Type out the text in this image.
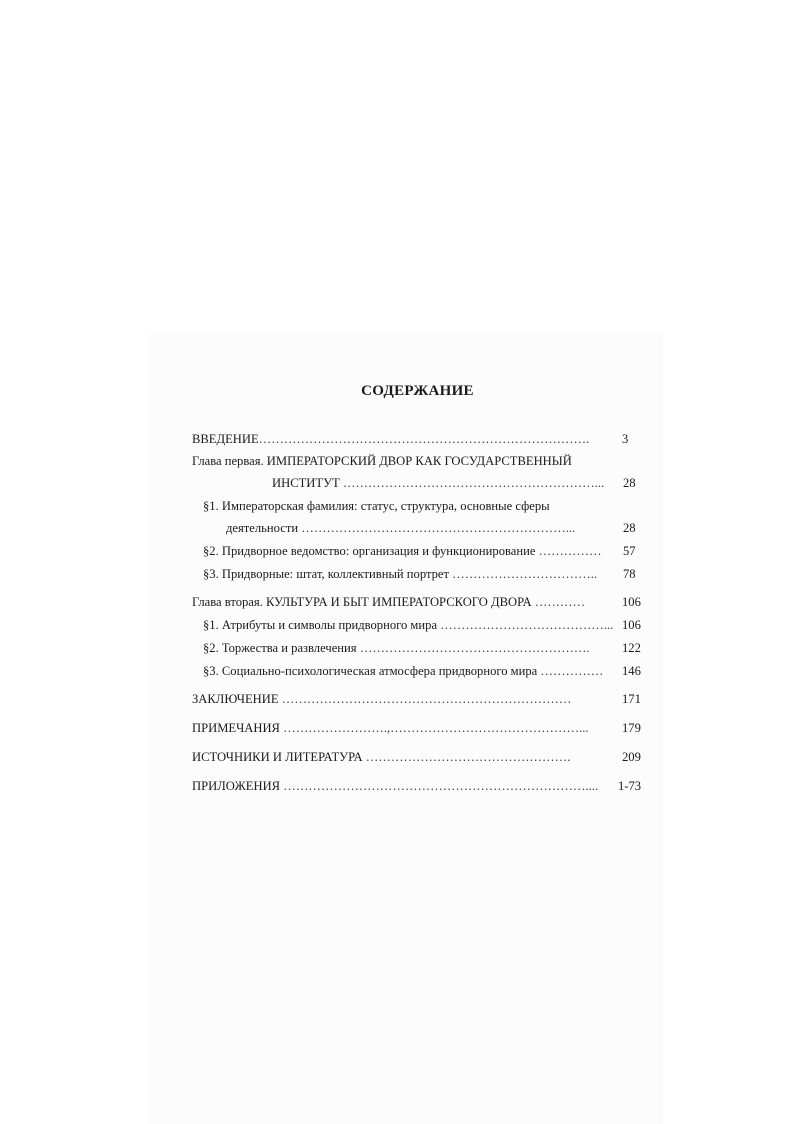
СОДЕРЖАНИЕ
ВВЕДЕНИЕ…………………………………………………………………….	3
Глава первая. ИМПЕРАТОРСКИЙ ДВОР КАК ГОСУДАРСТВЕННЫЙ
ИНСТИТУТ ……………………………………………………...	28
§1. Императорская фамилия: статус, структура, основные сферы
деятельности ………………………………………………………...	28
§2. Придворное ведомство: организация и функционирование ……………	57
§3. Придворные: штат, коллективный портрет ……………………………..	78
Глава вторая. КУЛЬТУРА И БЫТ ИМПЕРАТОРСКОГО ДВОРА …………	106
§1. Атрибуты и символы придворного мира …………………………………... 106
§2. Торжества и развлечения ……………………………………………….	122
§3. Социально-психологическая атмосфера придворного мира ……………	146
ЗАКЛЮЧЕНИЕ ……………………………………………………………	171
ПРИМЕЧАНИЯ …………………….,………………………………………...	179
ИСТОЧНИКИ И ЛИТЕРАТУРА ………………………………………….	209
ПРИЛОЖЕНИЯ ………………………………………………………………....	1-73
